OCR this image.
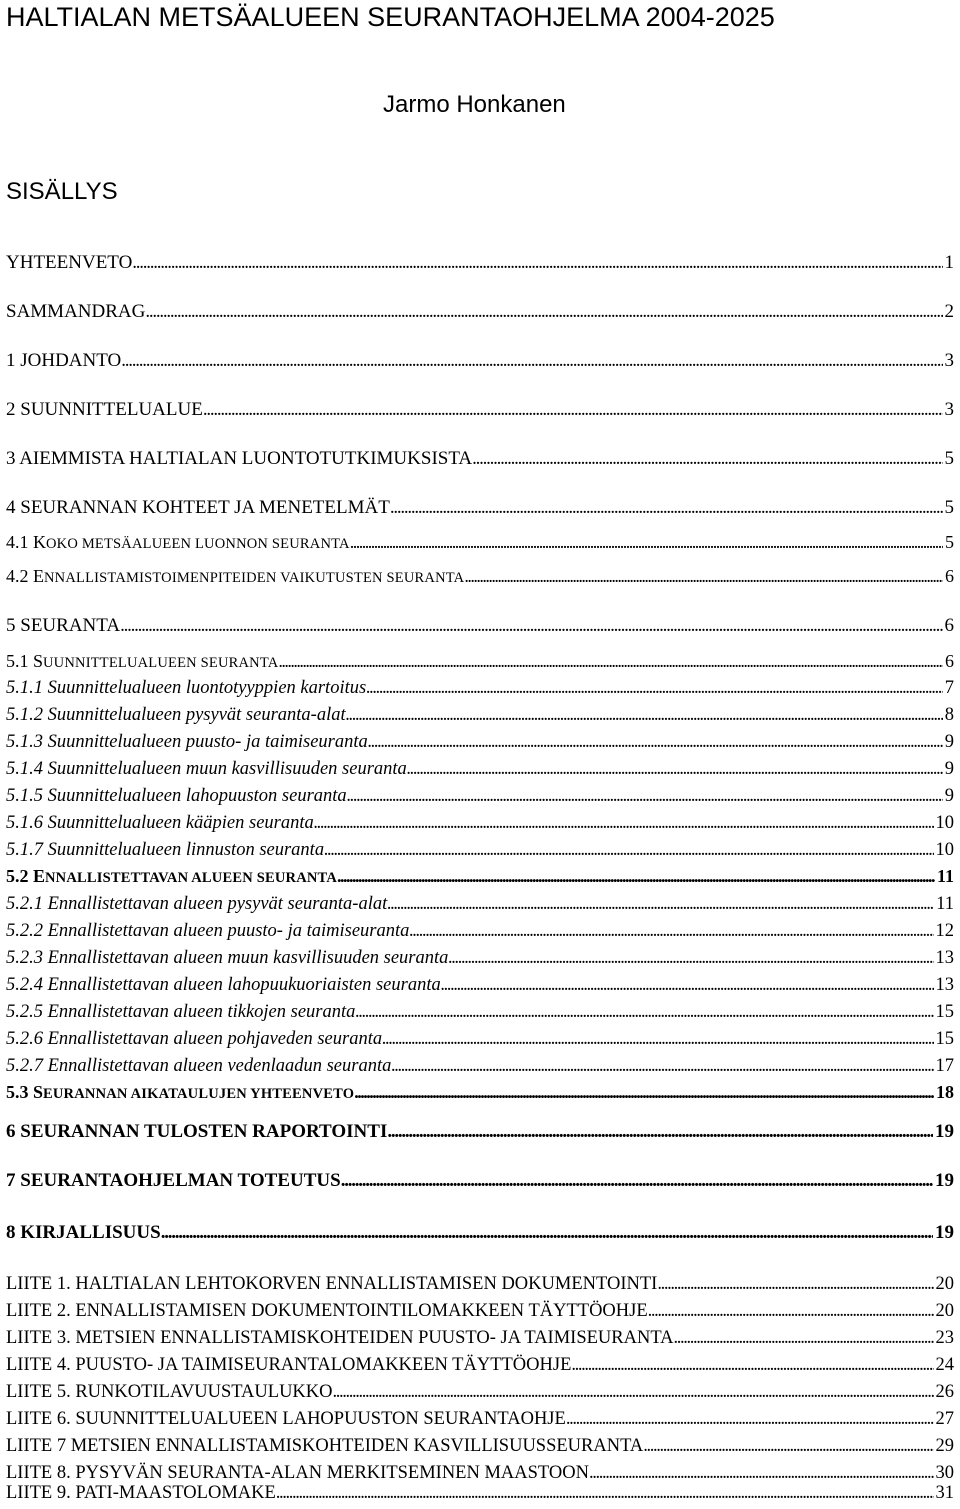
HALTIALAN METSÄALUEEN SEURANTAOHJELMA 2004-2025
Jarmo Honkanen
SISÄLLYS
YHTEENVETO . . .	1
SAMMANDRAG . . .	2
1 JOHDANTO . . .	3
2 SUUNNITTELUALUE . . .	3
3 AIEMMISTA HALTIALAN LUONTOTUTKIMUKSISTA . . .	5
4 SEURANNAN KOHTEET JA MENETELMÄT . . .	5
4.1 KOKO METSÄALUEEN LUONNON SEURANTA . . .	5
4.2 ENNALLISTAMISTOIMENPITEIDEN VAIKUTUSTEN SEURANTA . . .	6
5 SEURANTA . . .	6
5.1 SUUNNITTELUALUEEN SEURANTA . . .	6
5.1.1 Suunnittelualueen luontotyyppien kartoitus . . .	7
5.1.2 Suunnittelualueen pysyvät seuranta-alat . . .	8
5.1.3 Suunnittelualueen puusto- ja taimiseuranta . . .	9
5.1.4 Suunnittelualueen muun kasvillisuuden seuranta . . .	9
5.1.5 Suunnittelualueen lahopuuston seuranta . . .	9
5.1.6 Suunnittelualueen kääpien seuranta . . .	10
5.1.7 Suunnittelualueen linnuston seuranta . . .	10
5.2 ENNALLISTETTAVAN ALUEEN SEURANTA . . .	11
5.2.1 Ennallistettavan alueen pysyvät seuranta-alat . . .	11
5.2.2 Ennallistettavan alueen puusto- ja taimiseuranta . . .	12
5.2.3 Ennallistettavan alueen muun kasvillisuuden seuranta . . .	13
5.2.4 Ennallistettavan alueen lahopuukuoriaisten seuranta . . .	13
5.2.5 Ennallistettavan alueen tikkojen seuranta . . .	15
5.2.6 Ennallistettavan alueen pohjaveden seuranta . . .	15
5.2.7 Ennallistettavan alueen vedenlaadun seuranta . . .	17
5.3 SEURANNAN AIKATAULUJEN YHTEENVETO . . .	18
6 SEURANNAN TULOSTEN RAPORTOINTI . . .	19
7 SEURANTAOHJELMAN TOTEUTUS . . .	19
8 KIRJALLISUUS . . .	19
LIITE 1. HALTIALAN LEHTOKORVEN ENNALLISTAMISEN DOKUMENTOINTI . . .	20
LIITE 2. ENNALLISTAMISEN DOKUMENTOINTILOMAKKEEN TÄYTTÖOHJE . . .	20
LIITE 3. METSIEN ENNALLISTAMISKOHTEIDEN PUUSTO- JA TAIMISEURANTA . . .	23
LIITE 4. PUUSTO- JA TAIMISEURANTALOMAKKEEN TÄYTTÖOHJE . . .	24
LIITE 5. RUNKOTILAVUUSTAULUKKO . . .	26
LIITE 6. SUUNNITTELUALUEEN LAHOPUUSTON SEURANTAOHJE . . .	27
LIITE 7 METSIEN ENNALLISTAMISKOHTEIDEN KASVILLISUUSSEURANTA . . .	29
LIITE 8. PYSYVÄN SEURANTA-ALAN MERKITSEMINEN MAASTOON . . .	30
LIITE 9. PATI-MAASTOLOMAKE . . .	31
